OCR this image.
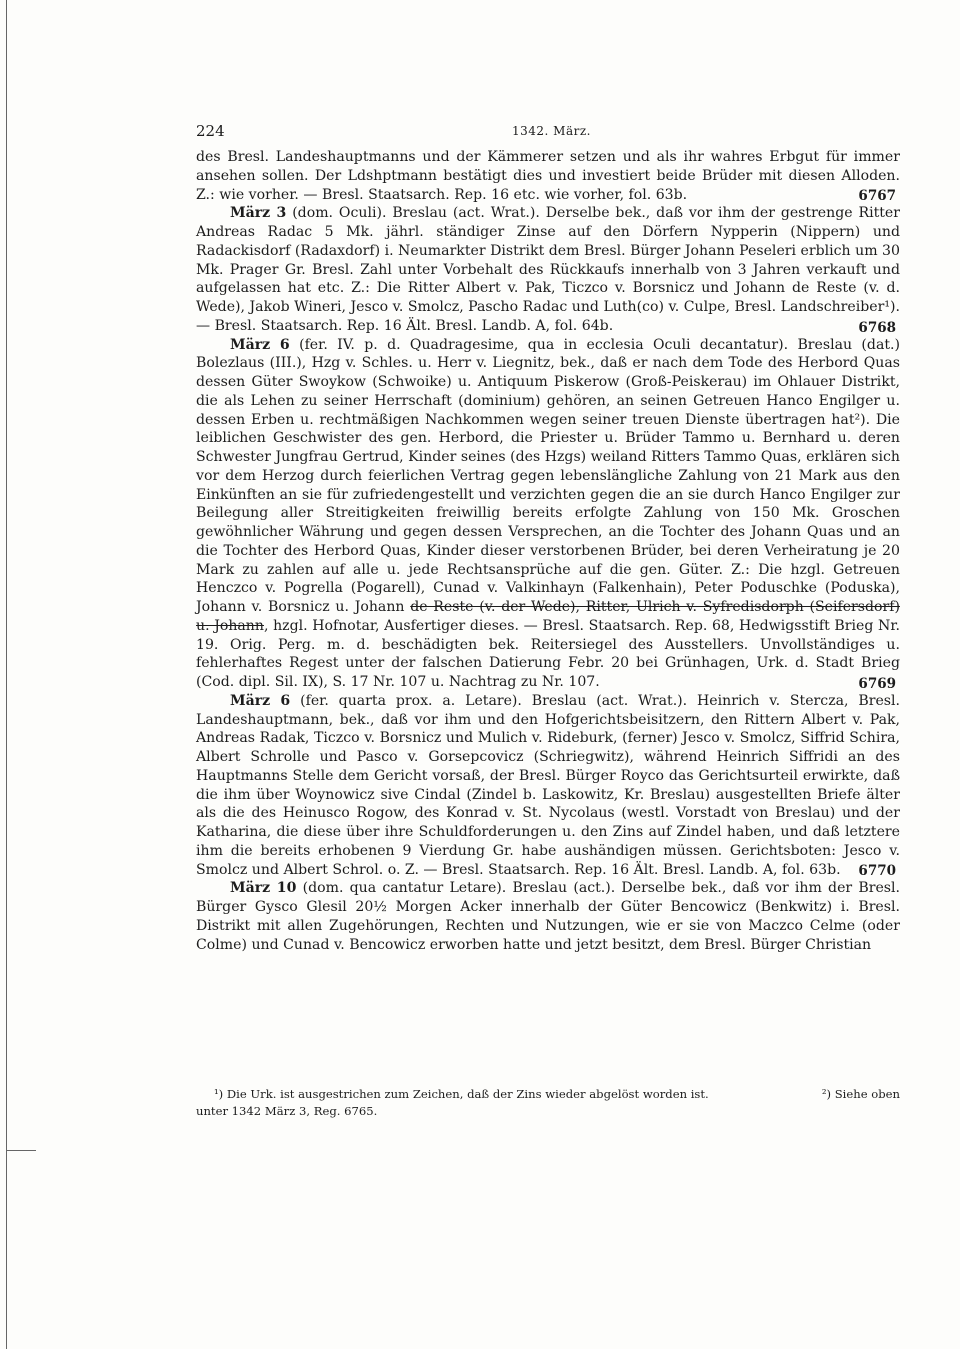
224	1342. März.

des Bresl. Landeshauptmanns und der Kämmerer setzen und als ihr wahres Erbgut für immer ansehen sollen. Der Ldshptmann bestätigt dies und investiert beide Brüder mit diesen Alloden. Z.: wie vorher. — Bresl. Staatsarch. Rep. 16 etc. wie vorher, fol. 63b.	6767

März 3 (dom. Oculi). Breslau (act. Wrat.). Derselbe bek., daß vor ihm der gestrenge Ritter Andreas Radac 5 Mk. jährl. ständiger Zinse auf den Dörfern Nypperin (Nippern) und Radackisdorf (Radaxdorf) i. Neumarkter Distrikt dem Bresl. Bürger Johann Peseleri erblich um 30 Mk. Prager Gr. Bresl. Zahl unter Vorbehalt des Rückkaufs innerhalb von 3 Jahren verkauft und aufgelassen hat etc. Z.: Die Ritter Albert v. Pak, Ticzco v. Borsnicz und Johann de Reste (v. d. Wede), Jakob Wineri, Jesco v. Smolcz, Pascho Radac und Luth(co) v. Culpe, Bresl. Landschreiber¹). — Bresl. Staatsarch. Rep. 16 Ält. Bresl. Landb. A, fol. 64b.	6768

März 6 (fer. IV. p. d. Quadragesime, qua in ecclesia Oculi decantatur). Breslau (dat.) Bolezlaus (III.), Hzg v. Schles. u. Herr v. Liegnitz, bek., daß er nach dem Tode des Herbord Quas dessen Güter Swoykow (Schwoike) u. Antiquum Piskerow (Groß-Peiskerau) im Ohlauer Distrikt, die als Lehen zu seiner Herrschaft (dominium) gehören, an seinen Getreuen Hanco Engilger u. dessen Erben u. rechtmäßigen Nachkommen wegen seiner treuen Dienste übertragen hat²). Die leiblichen Geschwister des gen. Herbord, die Priester u. Brüder Tammo u. Bernhard u. deren Schwester Jungfrau Gertrud, Kinder seines (des Hzgs) weiland Ritters Tammo Quas, erklären sich vor dem Herzog durch feierlichen Vertrag gegen lebenslängliche Zahlung von 21 Mark aus den Einkünften an sie für zufriedengestellt und verzichten gegen die an sie durch Hanco Engilger zur Beilegung aller Streitigkeiten freiwillig bereits erfolgte Zahlung von 150 Mk. Groschen gewöhnlicher Währung und gegen dessen Versprechen, an die Tochter des Johann Quas und an die Tochter des Herbord Quas, Kinder dieser verstorbenen Brüder, bei deren Verheiratung je 20 Mark zu zahlen auf alle u. jede Rechtsansprüche auf die gen. Güter. Z.: Die hzgl. Getreuen Henczco v. Pogrella (Pogarell), Cunad v. Valkinhayn (Falkenhain), Peter Poduschke (Poduska), Johann v. Borsnicz u. Johann de Reste (v. der Wede), Ritter, Ulrich v. Syfredisdorph (Seifersdorf) u. Johann, hzgl. Hofnotar, Ausfertiger dieses. — Bresl. Staatsarch. Rep. 68, Hedwigsstift Brieg Nr. 19. Orig. Perg. m. d. beschädigten bek. Reitersiegel des Ausstellers. Unvollständiges u. fehlerhaftes Regest unter der falschen Datierung Febr. 20 bei Grünhagen, Urk. d. Stadt Brieg (Cod. dipl. Sil. IX), S. 17 Nr. 107 u. Nachtrag zu Nr. 107.	6769

März 6 (fer. quarta prox. a. Letare). Breslau (act. Wrat.). Heinrich v. Stercza, Bresl. Landeshauptmann, bek., daß vor ihm und den Hofgerichtsbeisitzern, den Rittern Albert v. Pak, Andreas Radak, Ticzco v. Borsnicz und Mulich v. Rideburk, (ferner) Jesco v. Smolcz, Siffrid Schira, Albert Schrolle und Pasco v. Gorsepcovicz (Schriegwitz), während Heinrich Siffridi an des Hauptmanns Stelle dem Gericht vorsaß, der Bresl. Bürger Royco das Gerichtsurteil erwirkte, daß die ihm über Woynowicz sive Cindal (Zindel b. Laskowitz, Kr. Breslau) ausgestellten Briefe älter als die des Heinusco Rogow, des Konrad v. St. Nycolaus (westl. Vorstadt von Breslau) und der Katharina, die diese über ihre Schuldforderungen u. den Zins auf Zindel haben, und daß letztere ihm die bereits erhobenen 9 Vierdung Gr. habe aushändigen müssen. Gerichtsboten: Jesco v. Smolcz und Albert Schrol. o. Z. — Bresl. Staatsarch. Rep. 16 Ält. Bresl. Landb. A, fol. 63b.	6770

März 10 (dom. qua cantatur Letare). Breslau (act.). Derselbe bek., daß vor ihm der Bresl. Bürger Gysco Glesil 20½ Morgen Acker innerhalb der Güter Bencowicz (Benkwitz) i. Bresl. Distrikt mit allen Zugehörungen, Rechten und Nutzungen, wie er sie von Maczco Celme (oder Colme) und Cunad v. Bencowicz erworben hatte und jetzt besitzt, dem Bresl. Bürger Christian

¹) Die Urk. ist ausgestrichen zum Zeichen, daß der Zins wieder abgelöst worden ist.	²) Siehe oben

unter 1342 März 3, Reg. 6765.
